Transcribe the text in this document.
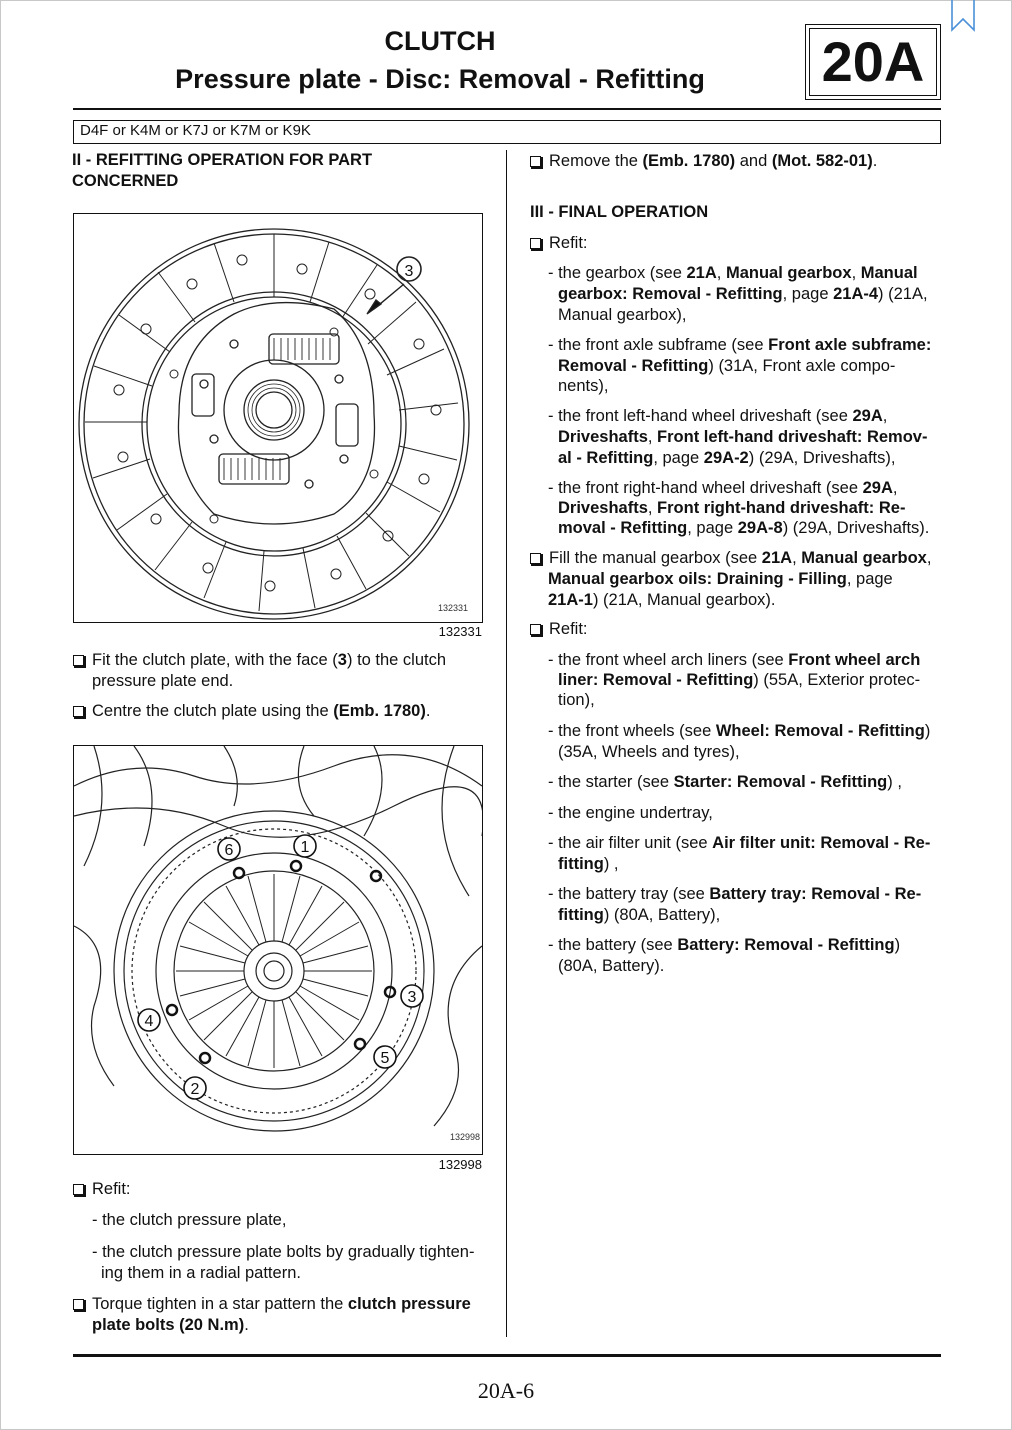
CLUTCH
Pressure plate - Disc: Removal - Refitting	20A
D4F or K4M or K7J or K7M or K9K
II - REFITTING OPERATION FOR PART
CONCERNED
3
132331
132331
Fit the clutch plate, with the face (3) to the clutch
pressure plate end.
Centre the clutch plate using the (Emb. 1780).
6	1
3
4
5
2
132998
132998
Refit:
- the clutch pressure plate,
- the clutch pressure plate bolts by gradually tighten-
ing them in a radial pattern.
Torque tighten in a star pattern the clutch pressure
plate bolts (20 N.m).
Remove the (Emb. 1780) and (Mot. 582-01).
III - FINAL OPERATION
Refit:
- the gearbox (see 21A, Manual gearbox, Manual
gearbox: Removal - Refitting, page 21A-4) (21A,
Manual gearbox),
- the front axle subframe (see Front axle subframe:
Removal - Refitting) (31A, Front axle compo-
nents),
- the front left-hand wheel driveshaft (see 29A,
Driveshafts, Front left-hand driveshaft: Remov-
al - Refitting, page 29A-2) (29A, Driveshafts),
- the front right-hand wheel driveshaft (see 29A,
Driveshafts, Front right-hand driveshaft: Re-
moval - Refitting, page 29A-8) (29A, Driveshafts).
Fill the manual gearbox (see 21A, Manual gearbox,
Manual gearbox oils: Draining - Filling, page
21A-1) (21A, Manual gearbox).
Refit:
- the front wheel arch liners (see Front wheel arch
liner: Removal - Refitting) (55A, Exterior protec-
tion),
- the front wheels (see Wheel: Removal - Refitting)
(35A, Wheels and tyres),
- the starter (see Starter: Removal - Refitting) ,
- the engine undertray,
- the air filter unit (see Air filter unit: Removal - Re-
fitting) ,
- the battery tray (see Battery tray: Removal - Re-
fitting) (80A, Battery),
- the battery (see Battery: Removal - Refitting)
(80A, Battery).
20A-6
